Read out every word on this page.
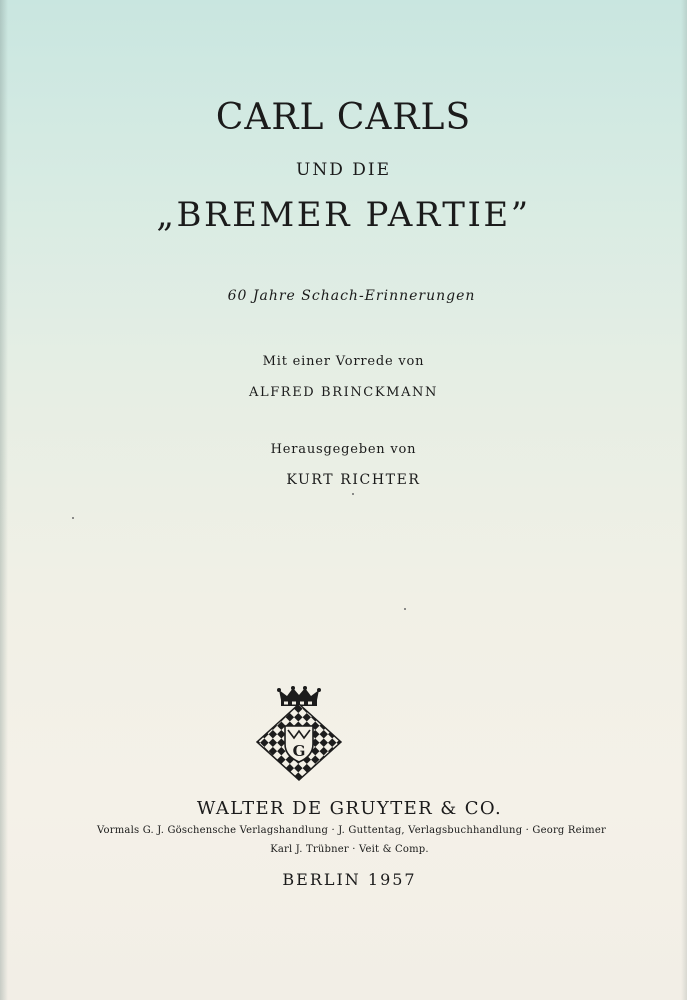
CARL CARLS
UND DIE
„BREMER PARTIE”
60 Jahre Schach-Erinnerungen
Mit einer Vorrede von
ALFRED BRINCKMANN
Herausgegeben von
KURT RICHTER
G
WALTER DE GRUYTER & CO.
Vormals G. J. Göschensche Verlagshandlung · J. Guttentag, Verlagsbuchhandlung · Georg Reimer
Karl J. Trübner · Veit & Comp.
BERLIN 1957
